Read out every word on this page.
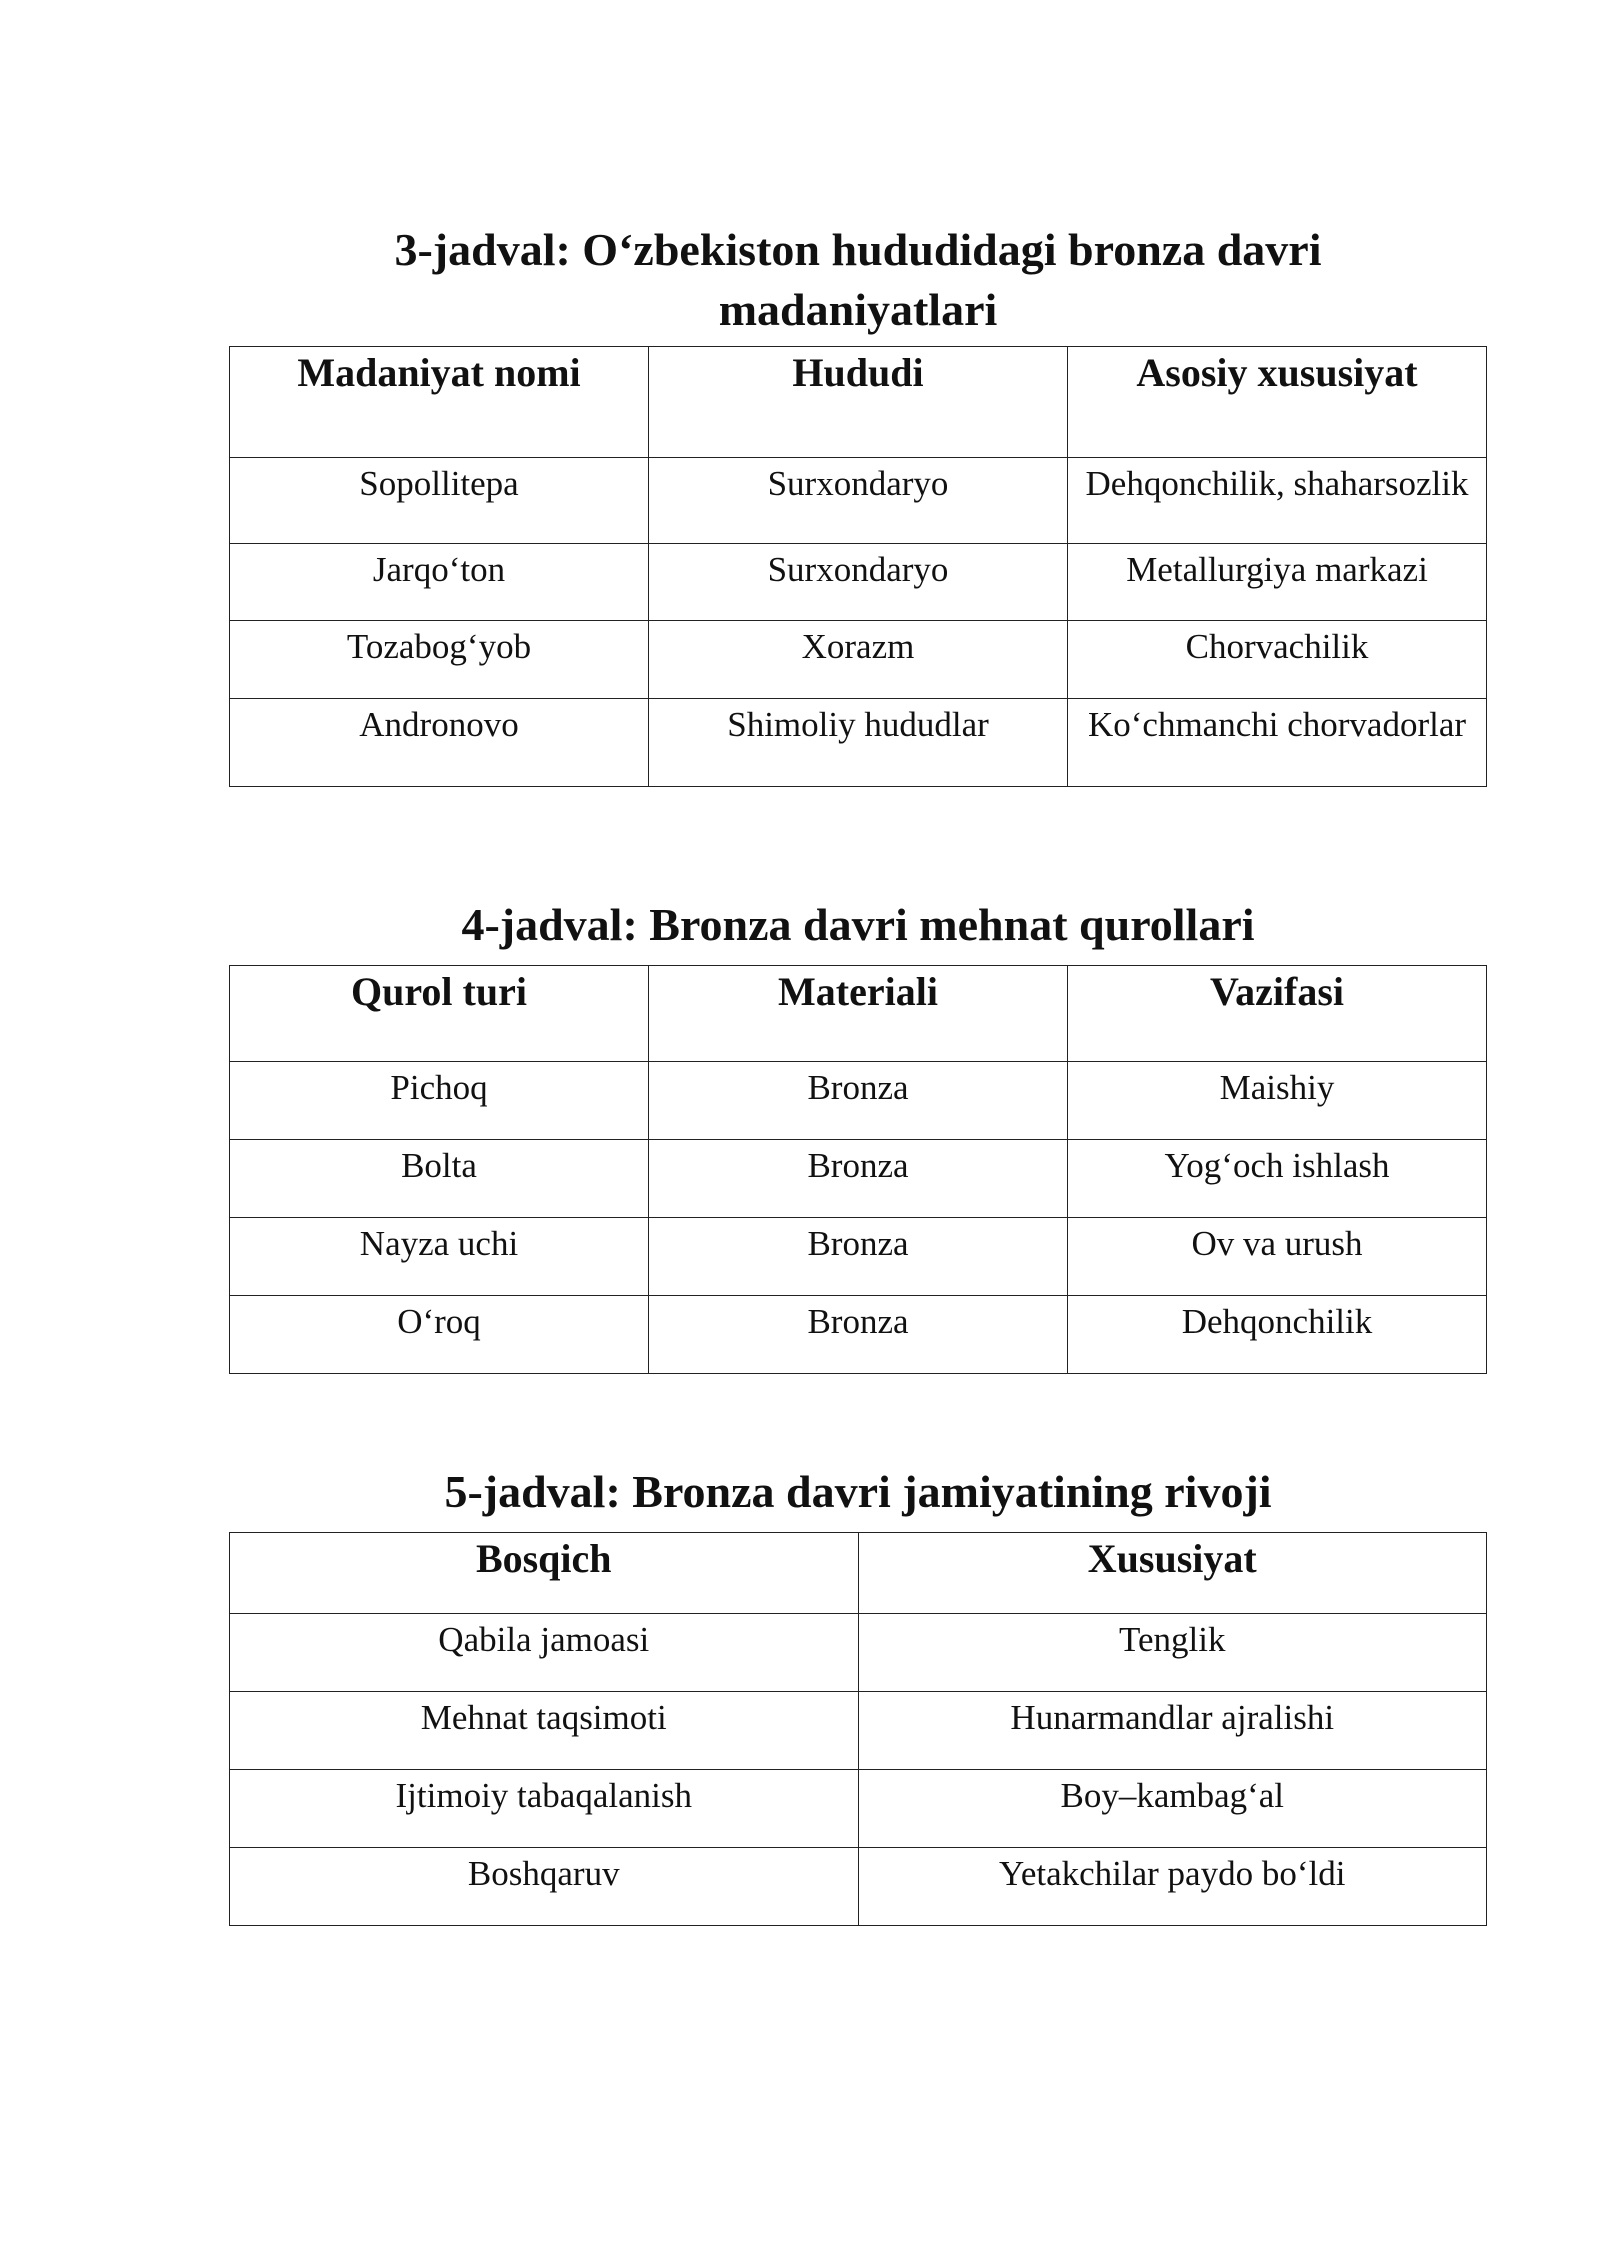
3-jadval: O‘zbekiston hududidagi bronza davri madaniyatlari
Madaniyat nomi	Hududi	Asosiy xususiyat
Sopollitepa	Surxondaryo	Dehqonchilik, shaharsozlik
Jarqo‘ton	Surxondaryo	Metallurgiya markazi
Tozabog‘yob	Xorazm	Chorvachilik
Andronovo	Shimoliy hududlar	Ko‘chmanchi chorvadorlar
4-jadval: Bronza davri mehnat qurollari
Qurol turi	Materiali	Vazifasi
Pichoq	Bronza	Maishiy
Bolta	Bronza	Yog‘och ishlash
Nayza uchi	Bronza	Ov va urush
O‘roq	Bronza	Dehqonchilik
5-jadval: Bronza davri jamiyatining rivoji
Bosqich	Xususiyat
Qabila jamoasi	Tenglik
Mehnat taqsimoti	Hunarmandlar ajralishi
Ijtimoiy tabaqalanish	Boy–kambag‘al
Boshqaruv	Yetakchilar paydo bo‘ldi
